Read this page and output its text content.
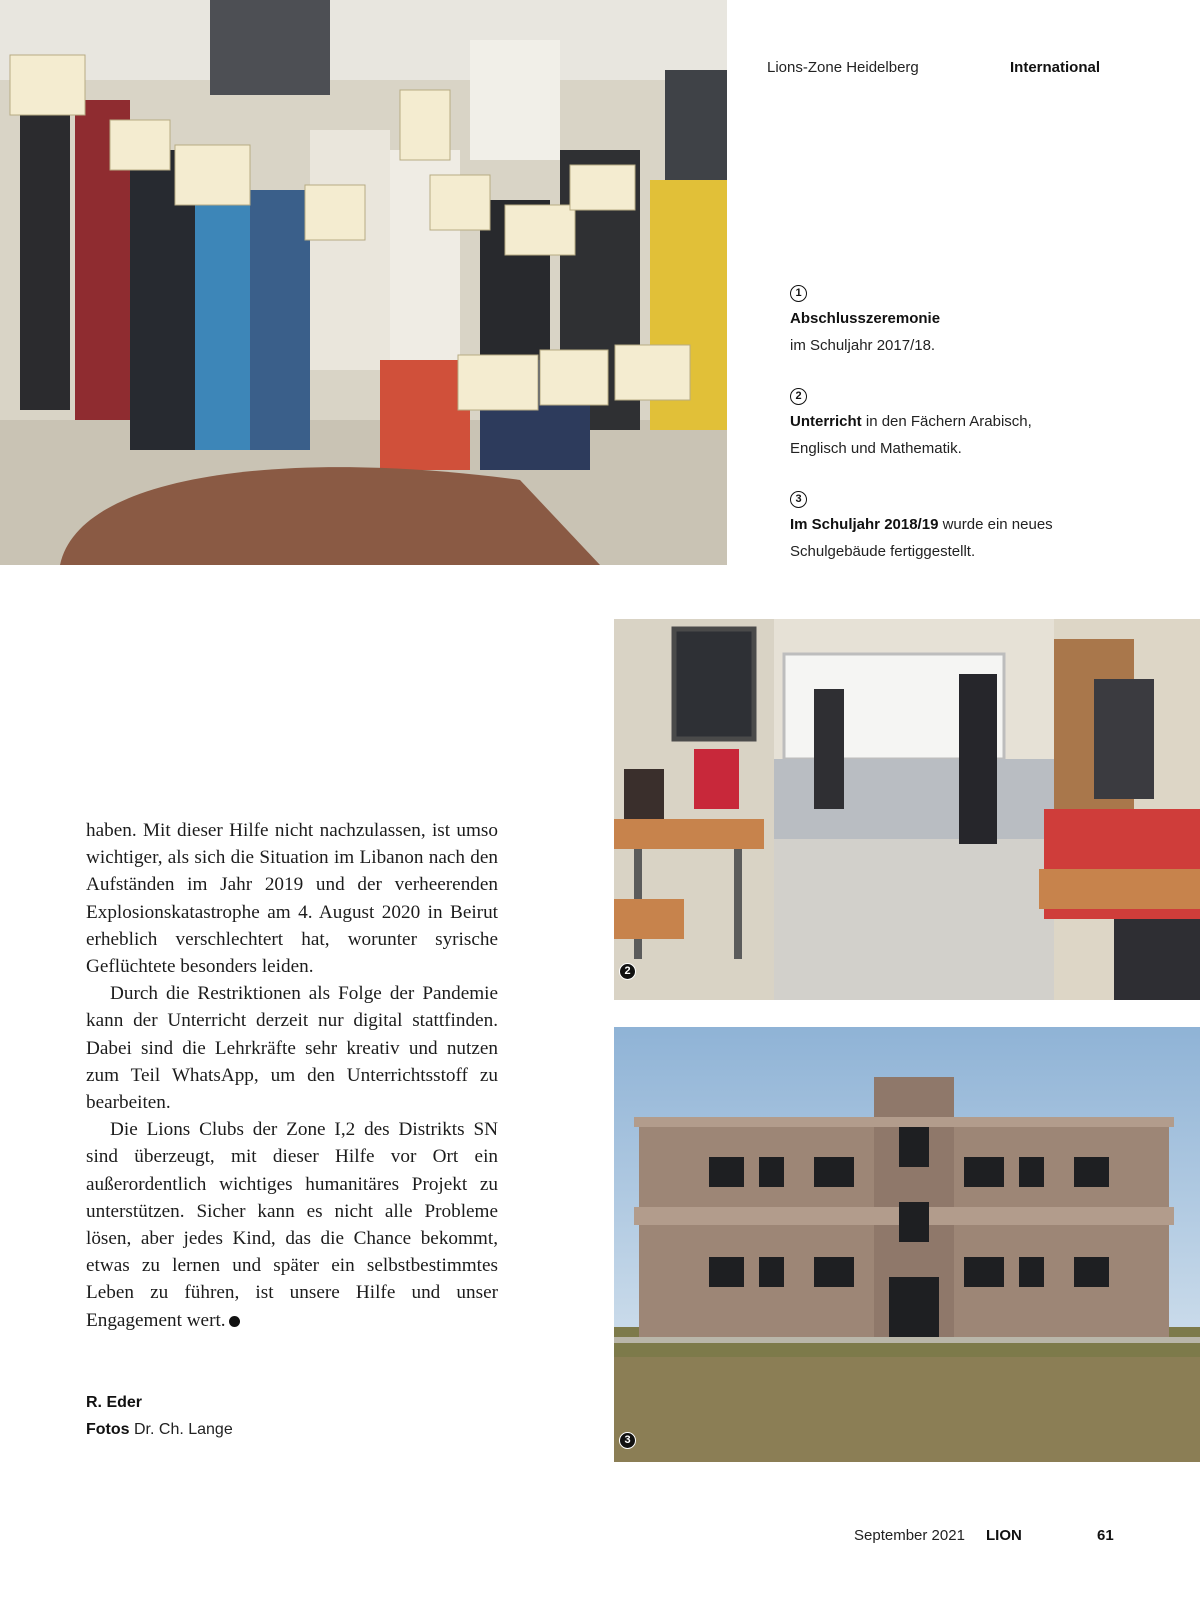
Lions-Zone Heidelberg	International
1
Abschlusszeremonie
im Schuljahr 2017/18.
2
Unterricht in den Fächern Arabisch, Englisch und Mathematik.
3
Im Schuljahr 2018/19 wurde ein neues Schulgebäude fertiggestellt.
2
3

haben. Mit dieser Hilfe nicht nachzulassen, ist umso wichtiger, als sich die Situation im Libanon nach den Aufständen im Jahr 2019 und der verheerenden Explosionskatastrophe am 4. August 2020 in Beirut erheblich verschlechtert hat, worunter syrische Geflüchtete besonders leiden.

Durch die Restriktionen als Folge der Pandemie kann der Unterricht derzeit nur digital stattfinden. Dabei sind die Lehrkräfte sehr kreativ und nutzen zum Teil WhatsApp, um den Unterrichtsstoff zu bearbeiten.

Die Lions Clubs der Zone I,2 des Distrikts SN sind überzeugt, mit dieser Hilfe vor Ort ein außerordentlich wichtiges humanitäres Projekt zu unterstützen. Sicher kann es nicht alle Probleme lösen, aber jedes Kind, das die Chance bekommt, etwas zu lernen und später ein selbstbestimmtes Leben zu führen, ist unsere Hilfe und unser Engagement wert.	L

R. Eder
Fotos Dr. Ch. Lange
September 2021 LION	61
